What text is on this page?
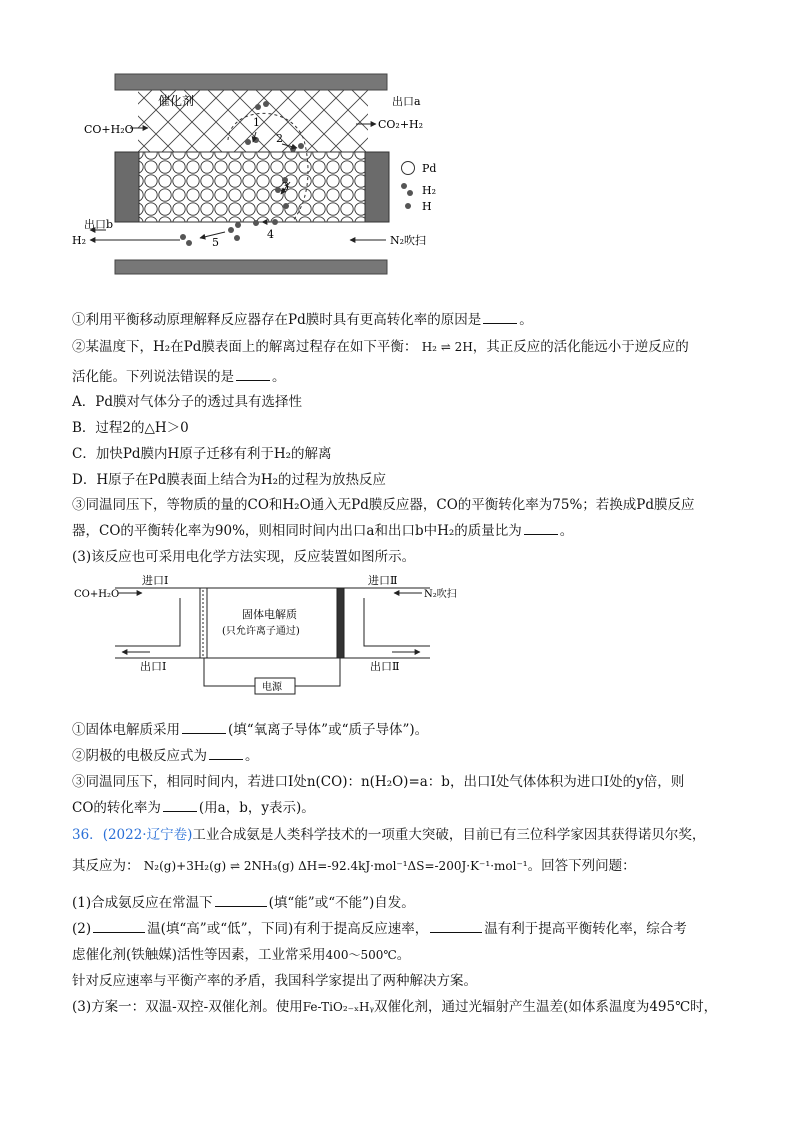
1
2
3
4
5
催化剂
CO+H₂O
出口a
CO₂+H₂
Pd
H₂
H
出口b
H₂	N₂吹扫
①利用平衡移动原理解释反应器存在Pd膜时具有更高转化率的原因是	。
②某温度下，H₂在Pd膜表面上的解离过程存在如下平衡： H₂ ⇌ 2H，其正反应的活化能远小于逆反应的
活化能。下列说法错误的是	。
A．Pd膜对气体分子的透过具有选择性
B．过程2的△H＞0
C．加快Pd膜内H原子迁移有利于H₂的解离
D．H原子在Pd膜表面上结合为H₂的过程为放热反应
③同温同压下，等物质的量的CO和H₂O通入无Pd膜反应器，CO的平衡转化率为75%；若换成Pd膜反应
器，CO的平衡转化率为90%，则相同时间内出口a和出口b中H₂的质量比为	。
(3)该反应也可采用电化学方法实现，反应装置如图所示。
进口Ⅰ	进口Ⅱ
CO+H₂O
固体电解质
(只允许离子通过)
N₂吹扫
出口Ⅰ	出口Ⅱ
电源
①固体电解质采用	(填“氧离子导体”或“质子导体”)。
②阴极的电极反应式为	。
③同温同压下，相同时间内，若进口Ⅰ处n(CO)：n(H₂O)=a：b，出口Ⅰ处气体体积为进口Ⅰ处的y倍，则
CO的转化率为	(用a，b，y表示)。
36．(2022·辽宁卷)工业合成氨是人类科学技术的一项重大突破，目前已有三位科学家因其获得诺贝尔奖，
其反应为： N₂(g)+3H₂(g) ⇌ 2NH₃(g) ΔH=-92.4kJ·mol⁻¹ΔS=-200J·K⁻¹·mol⁻¹。回答下列问题：
(1)合成氨反应在常温下	(填“能”或“不能”)自发。
(2)	温(填“高”或“低”，下同)有利于提高反应速率，	温有利于提高平衡转化率，综合考
虑催化剂(铁触媒)活性等因素，工业常采用400～500℃。
针对反应速率与平衡产率的矛盾，我国科学家提出了两种解决方案。
(3)方案一：双温-双控-双催化剂。使用Fe-TiO₂₋ₓHᵧ双催化剂，通过光辐射产生温差(如体系温度为495℃时，
